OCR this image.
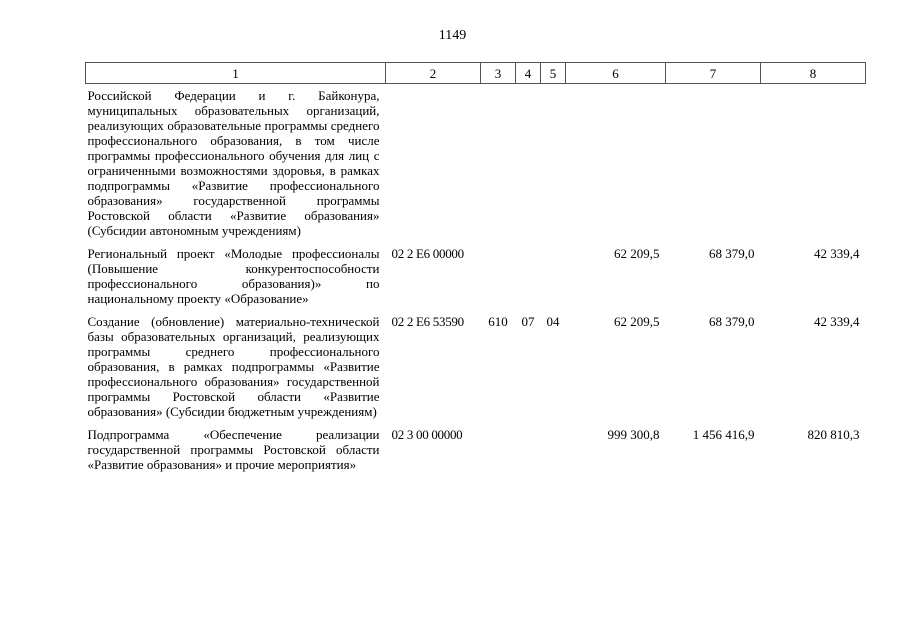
1149
1	2	3	4	5	6	7	8
Российской Федерации и г. Байконура, муниципальных образовательных организаций, реализующих образовательные программы среднего профессионального образования, в том числе программы профессионального обучения для лиц с ограниченными возможностями здоровья, в рамках подпрограммы «Развитие профессионального образования» государственной программы Ростовской области «Развитие образования» (Субсидии автономным учреждениям)							
Региональный проект «Молодые профессионалы (Повышение конкурентоспособности профессионального образования)» по национальному проекту «Образование»	02 2 E6 00000				62 209,5	68 379,0	42 339,4
Создание (обновление) материально-технической базы образовательных организаций, реализующих программы среднего профессионального образования, в рамках подпрограммы «Развитие профессионального образования» государственной программы Ростовской области «Развитие образования» (Субсидии бюджетным учреждениям)	02 2 E6 53590	610	07	04	62 209,5	68 379,0	42 339,4
Подпрограмма «Обеспечение реализации государственной программы Ростовской области «Развитие образования» и прочие мероприятия»	02 3 00 00000				999 300,8	1 456 416,9	820 810,3
